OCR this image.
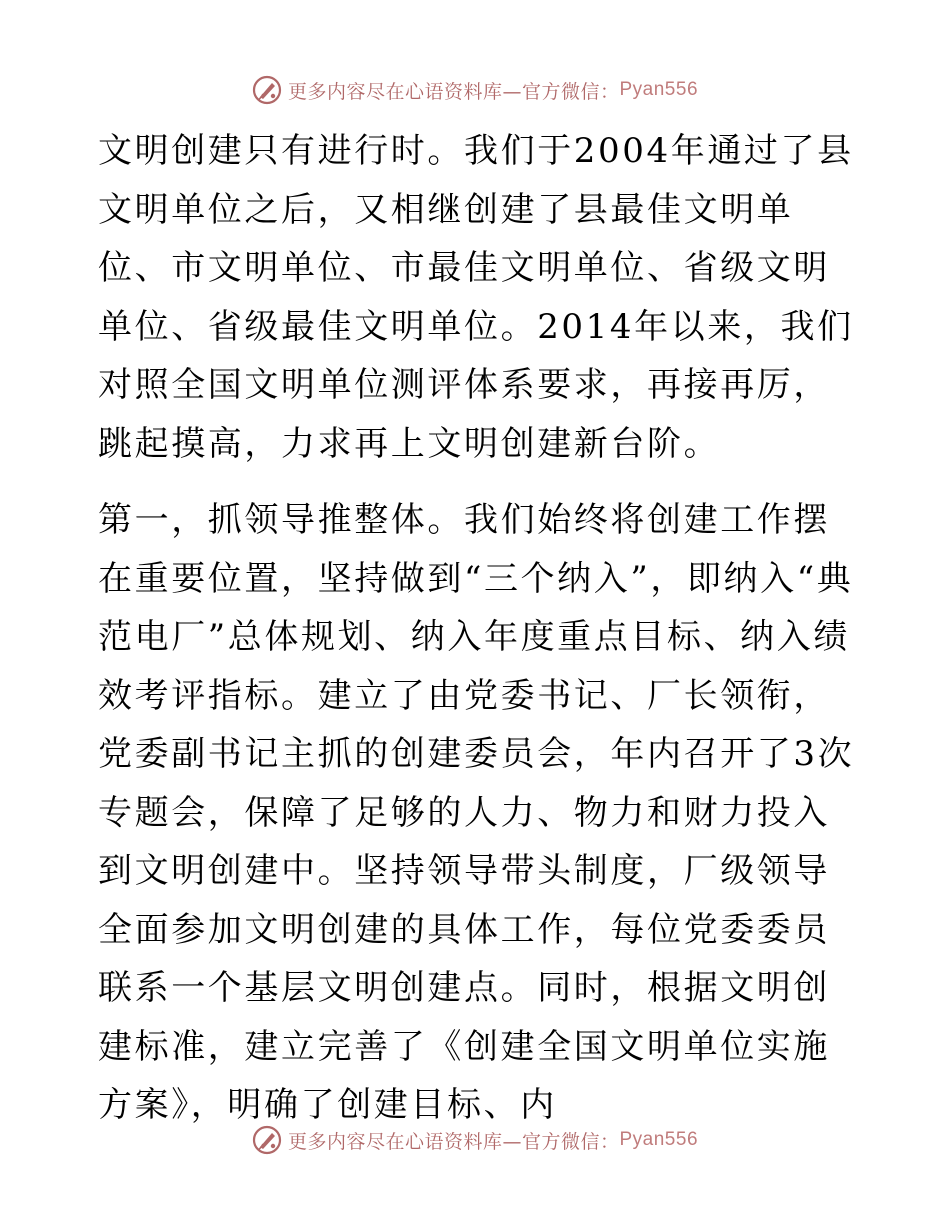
更多内容尽在心语资料库—官方微信： Pyan556

文明创建只有进行时。我们于2004年通过了县文明单位之后，又相继创建了县最佳文明单位、市文明单位、市最佳文明单位、省级文明单位、省级最佳文明单位。2014年以来，我们对照全国文明单位测评体系要求，再接再厉，跳起摸高，力求再上文明创建新台阶。

第一，抓领导推整体。我们始终将创建工作摆在重要位置，坚持做到“三个纳入”，即纳入“典范电厂”总体规划、纳入年度重点目标、纳入绩效考评指标。建立了由党委书记、厂长领衔，党委副书记主抓的创建委员会，年内召开了3次专题会，保障了足够的人力、物力和财力投入到文明创建中。坚持领导带头制度，厂级领导全面参加文明创建的具体工作，每位党委委员联系一个基层文明创建点。同时，根据文明创建标准，建立完善了《创建全国文明单位实施方案》，明确了创建目标、内

更多内容尽在心语资料库—官方微信： Pyan556
